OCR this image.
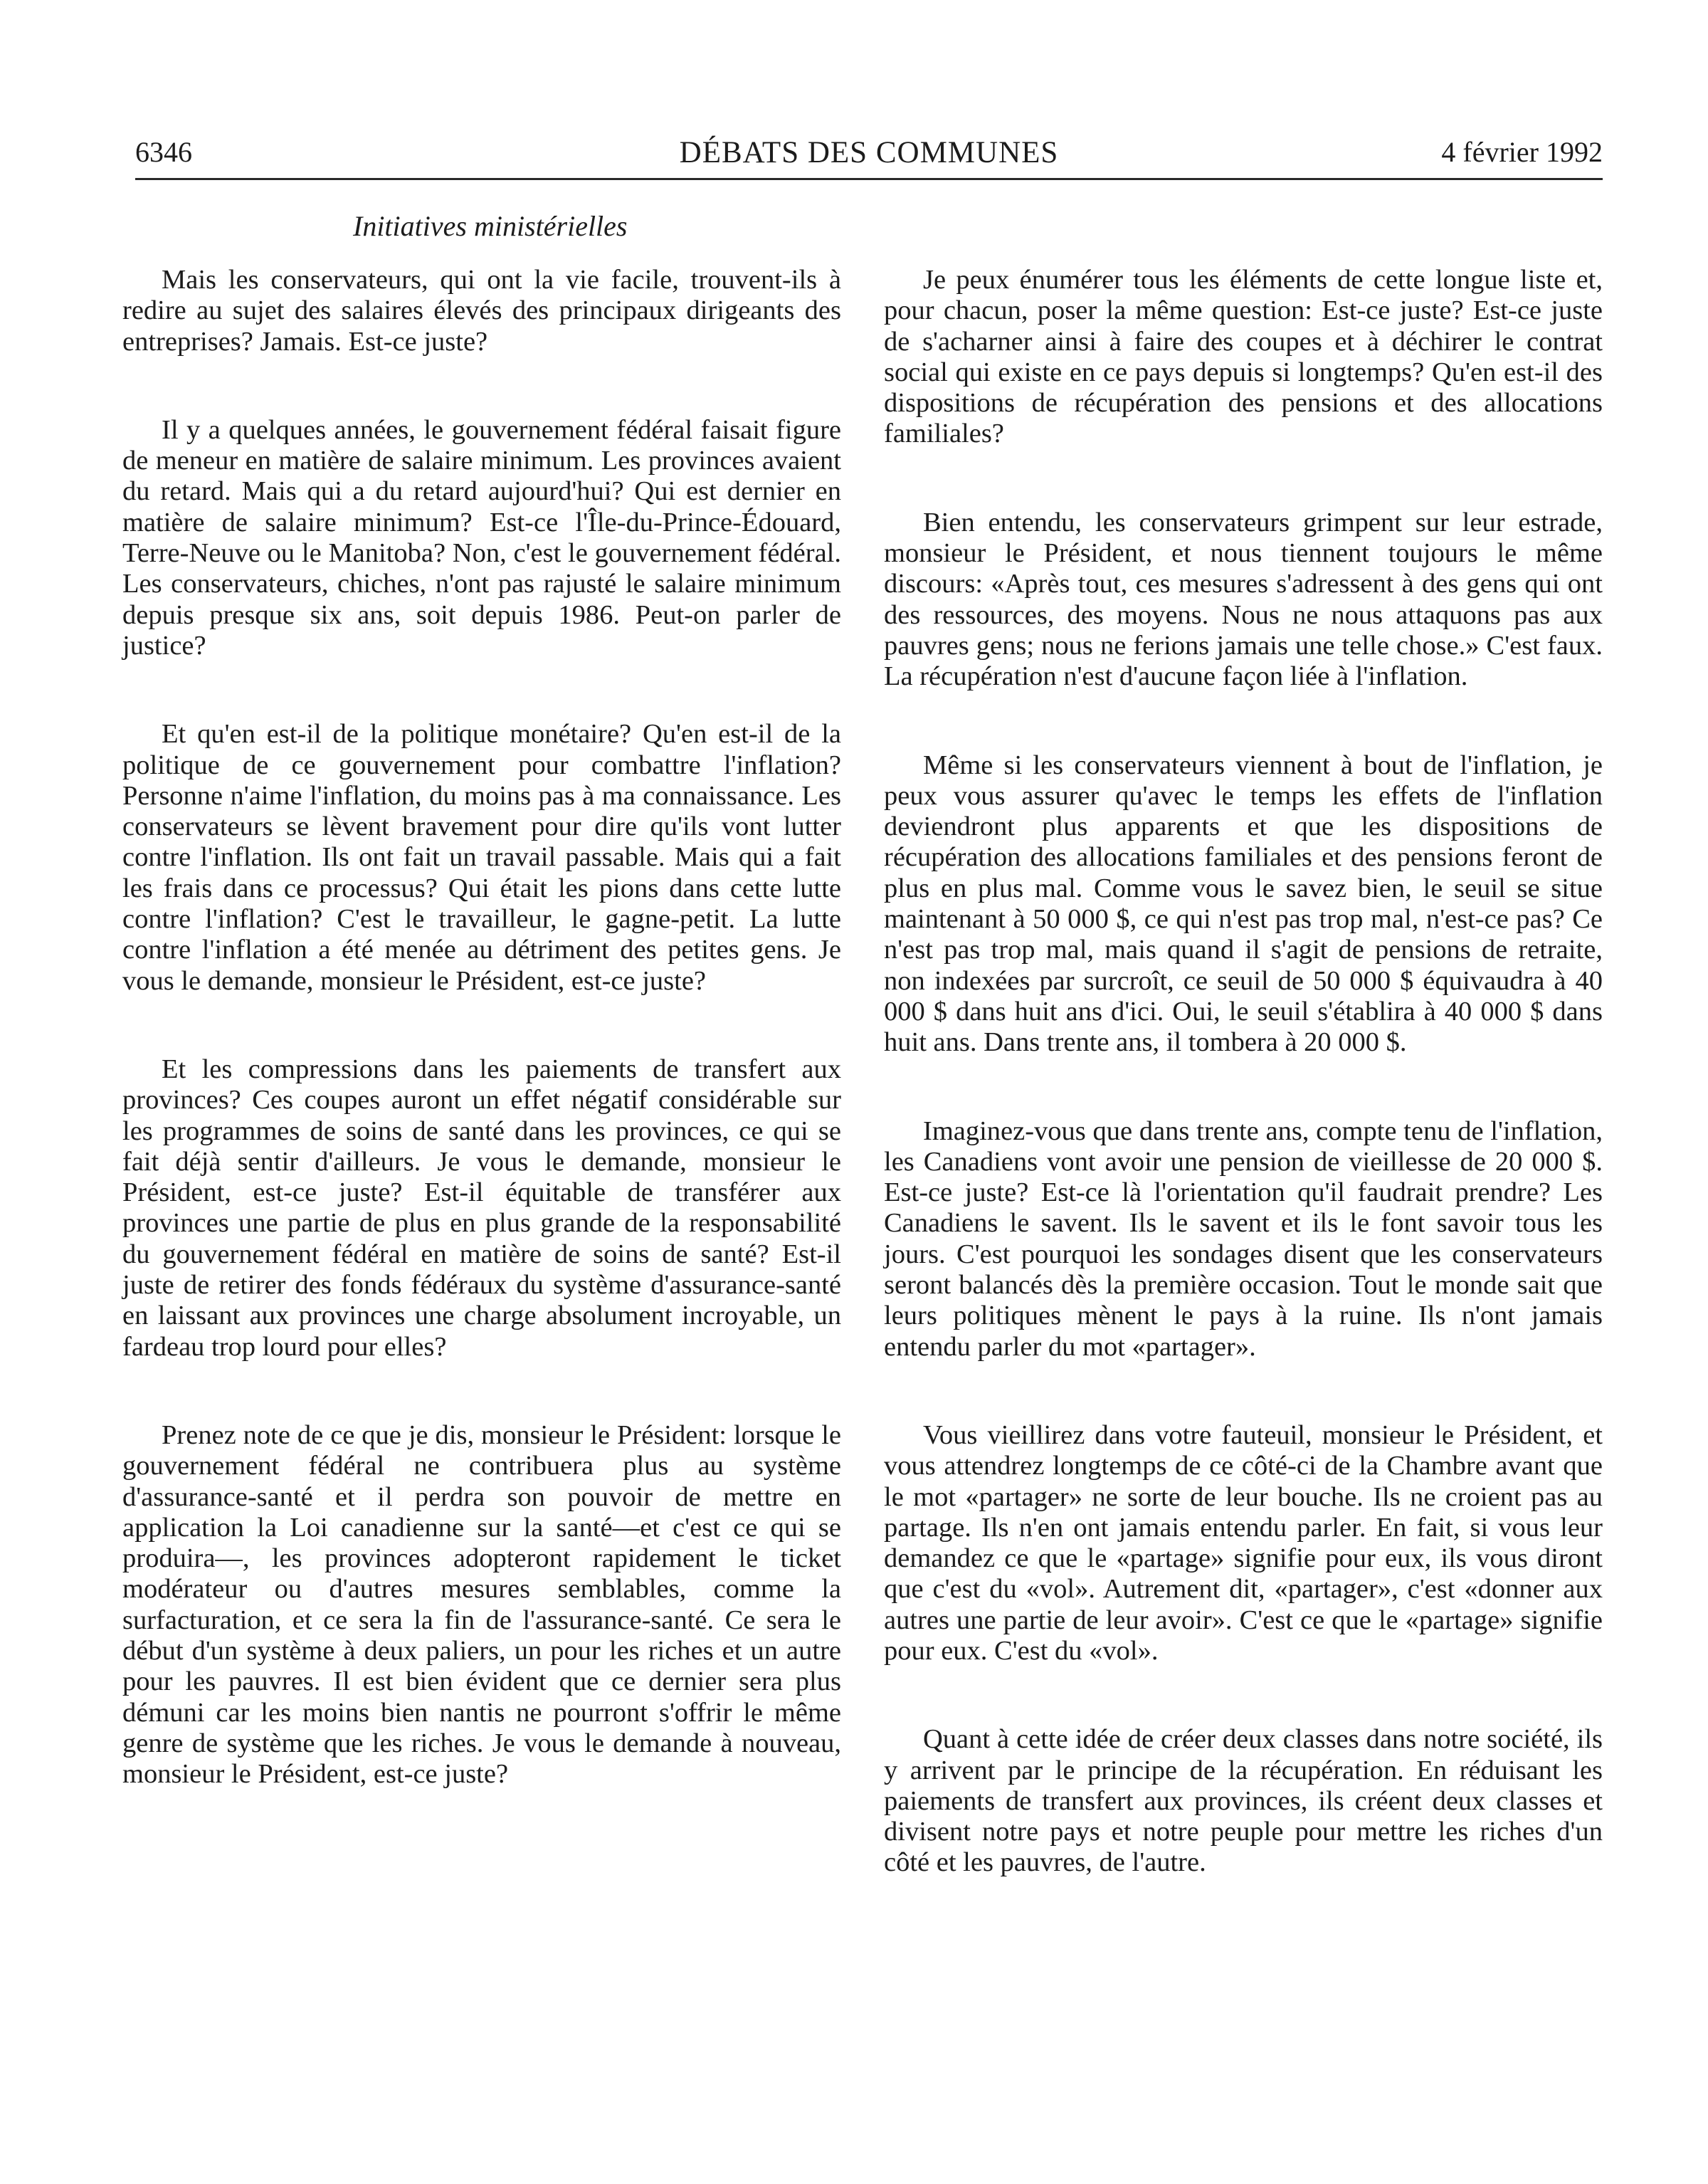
6346	DÉBATS DES COMMUNES	4 février 1992
Initiatives ministérielles

Mais les conservateurs, qui ont la vie facile, trouvent-ils à redire au sujet des salaires élevés des principaux dirigeants des entreprises? Jamais. Est-ce juste?

Il y a quelques années, le gouvernement fédéral faisait figure de meneur en matière de salaire minimum. Les provinces avaient du retard. Mais qui a du retard aujourd'hui? Qui est dernier en matière de salaire minimum? Est-ce l'Île-du-Prince-Édouard, Terre-Neuve ou le Manitoba? Non, c'est le gouvernement fédéral. Les conservateurs, chiches, n'ont pas rajusté le salaire minimum depuis presque six ans, soit depuis 1986. Peut-on parler de justice?

Et qu'en est-il de la politique monétaire? Qu'en est-il de la politique de ce gouvernement pour combattre l'inflation? Personne n'aime l'inflation, du moins pas à ma connaissance. Les conservateurs se lèvent bravement pour dire qu'ils vont lutter contre l'inflation. Ils ont fait un travail passable. Mais qui a fait les frais dans ce processus? Qui était les pions dans cette lutte contre l'inflation? C'est le travailleur, le gagne-petit. La lutte contre l'inflation a été menée au détriment des petites gens. Je vous le demande, monsieur le Président, est-ce juste?

Et les compressions dans les paiements de transfert aux provinces? Ces coupes auront un effet négatif considérable sur les programmes de soins de santé dans les provinces, ce qui se fait déjà sentir d'ailleurs. Je vous le demande, monsieur le Président, est-ce juste? Est-il équitable de transférer aux provinces une partie de plus en plus grande de la responsabilité du gouvernement fédéral en matière de soins de santé? Est-il juste de retirer des fonds fédéraux du système d'assurance-santé en laissant aux provinces une charge absolument incroyable, un fardeau trop lourd pour elles?

Prenez note de ce que je dis, monsieur le Président: lorsque le gouvernement fédéral ne contribuera plus au système d'assurance-santé et il perdra son pouvoir de mettre en application la Loi canadienne sur la santé—et c'est ce qui se produira—, les provinces adopteront rapidement le ticket modérateur ou d'autres mesures semblables, comme la surfacturation, et ce sera la fin de l'assurance-santé. Ce sera le début d'un système à deux paliers, un pour les riches et un autre pour les pauvres. Il est bien évident que ce dernier sera plus démuni car les moins bien nantis ne pourront s'offrir le même genre de système que les riches. Je vous le demande à nouveau, monsieur le Président, est-ce juste?

Je peux énumérer tous les éléments de cette longue liste et, pour chacun, poser la même question: Est-ce juste? Est-ce juste de s'acharner ainsi à faire des coupes et à déchirer le contrat social qui existe en ce pays depuis si longtemps? Qu'en est-il des dispositions de récupération des pensions et des allocations familiales?

Bien entendu, les conservateurs grimpent sur leur estrade, monsieur le Président, et nous tiennent toujours le même discours: «Après tout, ces mesures s'adressent à des gens qui ont des ressources, des moyens. Nous ne nous attaquons pas aux pauvres gens; nous ne ferions jamais une telle chose.» C'est faux. La récupération n'est d'aucune façon liée à l'inflation.

Même si les conservateurs viennent à bout de l'inflation, je peux vous assurer qu'avec le temps les effets de l'inflation deviendront plus apparents et que les dispositions de récupération des allocations familiales et des pensions feront de plus en plus mal. Comme vous le savez bien, le seuil se situe maintenant à 50 000 $, ce qui n'est pas trop mal, n'est-ce pas? Ce n'est pas trop mal, mais quand il s'agit de pensions de retraite, non indexées par surcroît, ce seuil de 50 000 $ équivaudra à 40 000 $ dans huit ans d'ici. Oui, le seuil s'établira à 40 000 $ dans huit ans. Dans trente ans, il tombera à 20 000 $.

Imaginez-vous que dans trente ans, compte tenu de l'inflation, les Canadiens vont avoir une pension de vieillesse de 20 000 $. Est-ce juste? Est-ce là l'orientation qu'il faudrait prendre? Les Canadiens le savent. Ils le savent et ils le font savoir tous les jours. C'est pourquoi les sondages disent que les conservateurs seront balancés dès la première occasion. Tout le monde sait que leurs politiques mènent le pays à la ruine. Ils n'ont jamais entendu parler du mot «partager».

Vous vieillirez dans votre fauteuil, monsieur le Président, et vous attendrez longtemps de ce côté-ci de la Chambre avant que le mot «partager» ne sorte de leur bouche. Ils ne croient pas au partage. Ils n'en ont jamais entendu parler. En fait, si vous leur demandez ce que le «partage» signifie pour eux, ils vous diront que c'est du «vol». Autrement dit, «partager», c'est «donner aux autres une partie de leur avoir». C'est ce que le «partage» signifie pour eux. C'est du «vol».

Quant à cette idée de créer deux classes dans notre société, ils y arrivent par le principe de la récupération. En réduisant les paiements de transfert aux provinces, ils créent deux classes et divisent notre pays et notre peuple pour mettre les riches d'un côté et les pauvres, de l'autre.
